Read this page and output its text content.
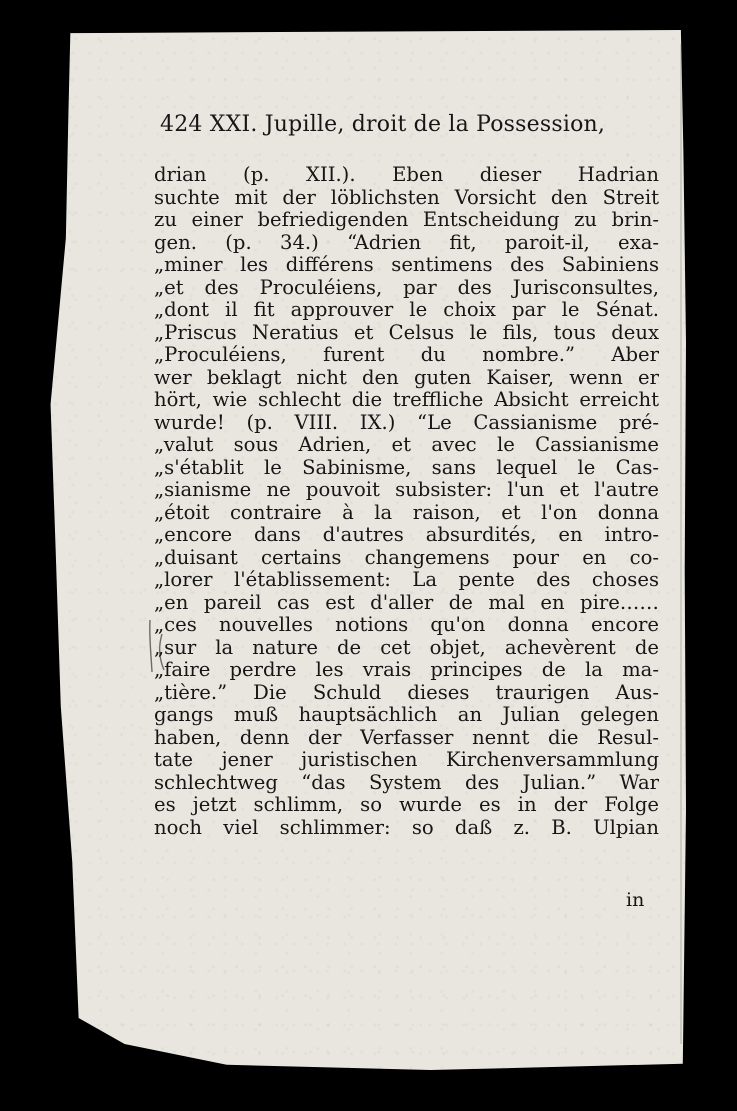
424 XXI. Jupille, droit de la Possession,
drian (p. XII.). Eben dieser Hadrian
suchte mit der löblichsten Vorsicht den Streit
zu einer befriedigenden Entscheidung zu brin-
gen. (p. 34.) “Adrien fit, paroit-il, exa-
„miner les différens sentimens des Sabiniens
„et des Proculéiens, par des Jurisconsultes,
„dont il fit approuver le choix par le Sénat.
„Priscus Neratius et Celsus le fils, tous deux
„Proculéiens, furent du nombre.” Aber
wer beklagt nicht den guten Kaiser, wenn er
hört, wie schlecht die treffliche Absicht erreicht
wurde! (p. VIII. IX.) “Le Cassianisme pré-
„valut sous Adrien, et avec le Cassianisme
„s'établit le Sabinisme, sans lequel le Cas-
„sianisme ne pouvoit subsister: l'un et l'autre
„étoit contraire à la raison, et l'on donna
„encore dans d'autres absurdités, en intro-
„duisant certains changemens pour en co-
„lorer l'établissement: La pente des choses
„en pareil cas est d'aller de mal en pire……
„ces nouvelles notions qu'on donna encore
„sur la nature de cet objet, achevèrent de
„faire perdre les vrais principes de la ma-
„tière.” Die Schuld dieses traurigen Aus-
gangs muß hauptsächlich an Julian gelegen
haben, denn der Verfasser nennt die Resul-
tate jener juristischen Kirchenversammlung
schlechtweg “das System des Julian.” War
es jetzt schlimm, so wurde es in der Folge
noch viel schlimmer: so daß z. B. Ulpian
in
